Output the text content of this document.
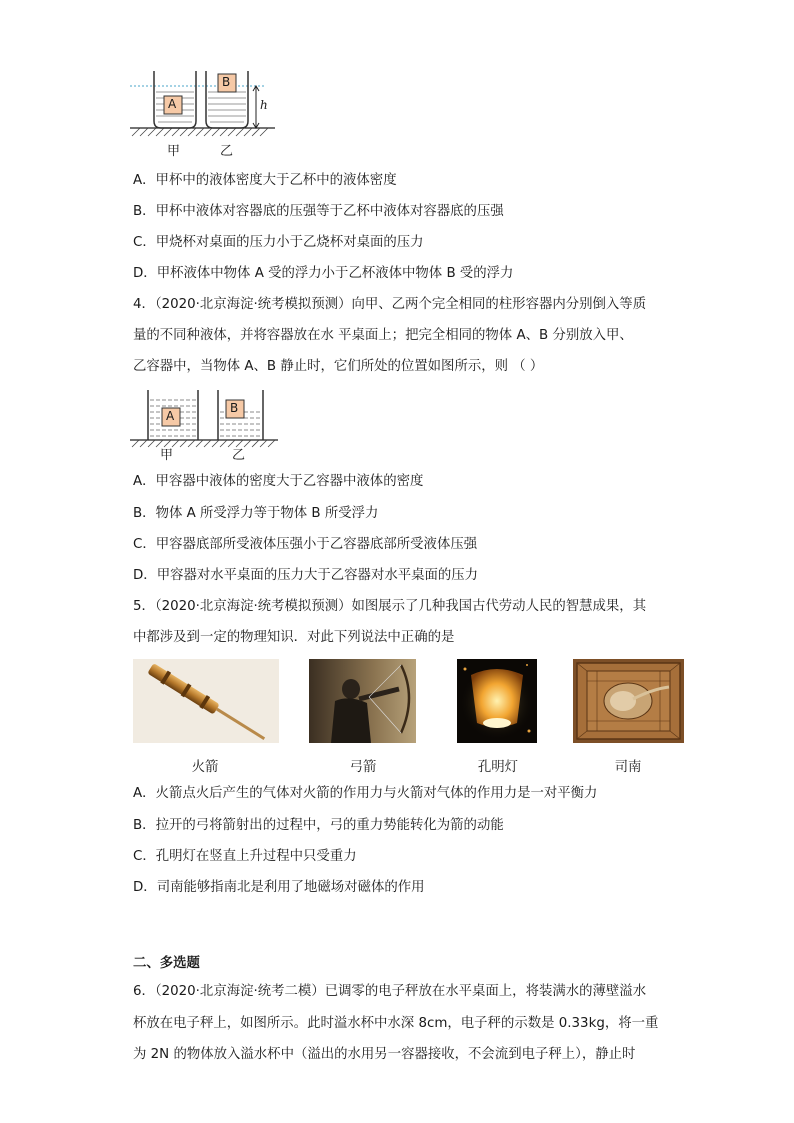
A
B
h
甲	乙
A．甲杯中的液体密度大于乙杯中的液体密度
B．甲杯中液体对容器底的压强等于乙杯中液体对容器底的压强
C．甲烧杯对桌面的压力小于乙烧杯对桌面的压力
D．甲杯液体中物体 A 受的浮力小于乙杯液体中物体 B 受的浮力
4．（2020·北京海淀·统考模拟预测）向甲、乙两个完全相同的柱形容器内分别倒入等质
量的不同种液体，并将容器放在水 平桌面上；把完全相同的物体 A、B 分别放入甲、
乙容器中，当物体 A、B 静止时，它们所处的位置如图所示，则 （ ）
A
B
甲	乙
A．甲容器中液体的密度大于乙容器中液体的密度
B．物体 A 所受浮力等于物体 B 所受浮力
C．甲容器底部所受液体压强小于乙容器底部所受液体压强
D．甲容器对水平桌面的压力大于乙容器对水平桌面的压力
5．（2020·北京海淀·统考模拟预测）如图展示了几种我国古代劳动人民的智慧成果，其
中都涉及到一定的物理知识．对此下列说法中正确的是
火箭	弓箭	孔明灯	司南
A．火箭点火后产生的气体对火箭的作用力与火箭对气体的作用力是一对平衡力
B．拉开的弓将箭射出的过程中，弓的重力势能转化为箭的动能
C．孔明灯在竖直上升过程中只受重力
D．司南能够指南北是利用了地磁场对磁体的作用
二、多选题
6．（2020·北京海淀·统考二模）已调零的电子秤放在水平桌面上，将装满水的薄壁溢水
杯放在电子秤上，如图所示。此时溢水杯中水深 8cm，电子秤的示数是 0.33kg，将一重
为 2N 的物体放入溢水杯中（溢出的水用另一容器接收，不会流到电子秤上），静止时
